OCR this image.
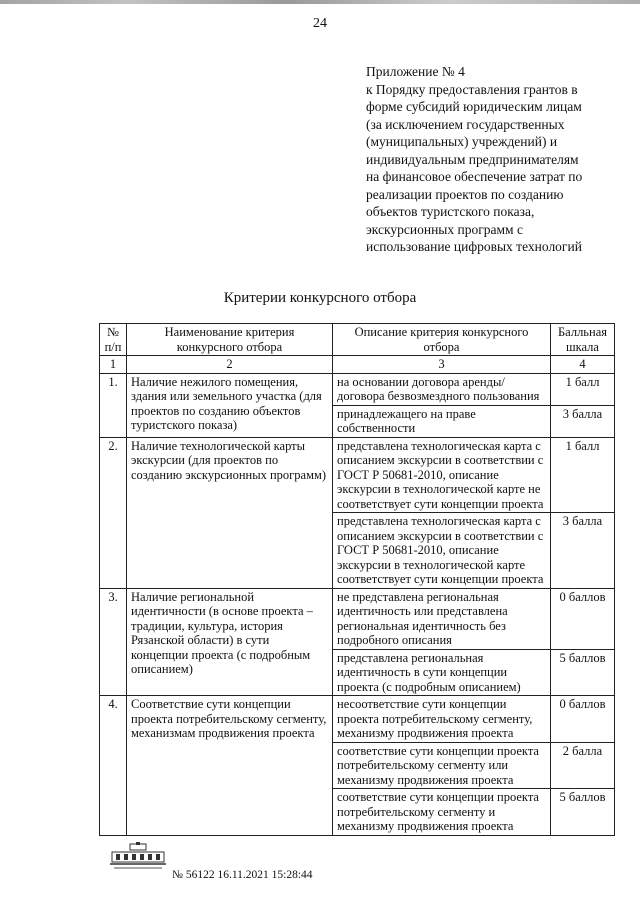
24
Приложение № 4
к Порядку предоставления грантов в
форме субсидий юридическим лицам
(за исключением государственных
(муниципальных) учреждений) и
индивидуальным предпринимателям
на финансовое обеспечение затрат по
реализации проектов по созданию
объектов туристского показа,
экскурсионных программ с
использование цифровых технологий
Критерии конкурсного отбора
№ п/п	Наименование критерия конкурсного отбора	Описание критерия конкурсного отбора	Балльная шкала
1	2	3	4
1.	Наличие нежилого помещения, здания или земельного участка (для проектов по созданию объектов туристского показа)	на основании договора аренды/ договора безвозмездного пользования	1 балл
		принадлежащего на праве собственности	3 балла
2.	Наличие технологической карты экскурсии (для проектов по созданию экскурсионных программ)	представлена технологическая карта с описанием экскурсии в соответствии с ГОСТ Р 50681-2010, описание экскурсии в технологической карте не соответствует сути концепции проекта	1 балл
		представлена технологическая карта с описанием экскурсии в соответствии с ГОСТ Р 50681-2010, описание экскурсии в технологической карте соответствует сути концепции проекта	3 балла
3.	Наличие региональной идентичности (в основе проекта – традиции, культура, история Рязанской области) в сути концепции проекта (с подробным описанием)	не представлена региональная идентичность или представлена региональная идентичность без подробного описания	0 баллов
		представлена региональная идентичность в сути концепции проекта (с подробным описанием)	5 баллов
4.	Соответствие сути концепции проекта потребительскому сегменту, механизмам продвижения проекта	несоответствие сути концепции проекта потребительскому сегменту, механизму продвижения проекта	0 баллов
		соответствие сути концепции проекта потребительскому сегменту или механизму продвижения проекта	2 балла
		соответствие сути концепции проекта потребительскому сегменту и механизму продвижения проекта	5 баллов
№ 56122 16.11.2021 15:28:44
